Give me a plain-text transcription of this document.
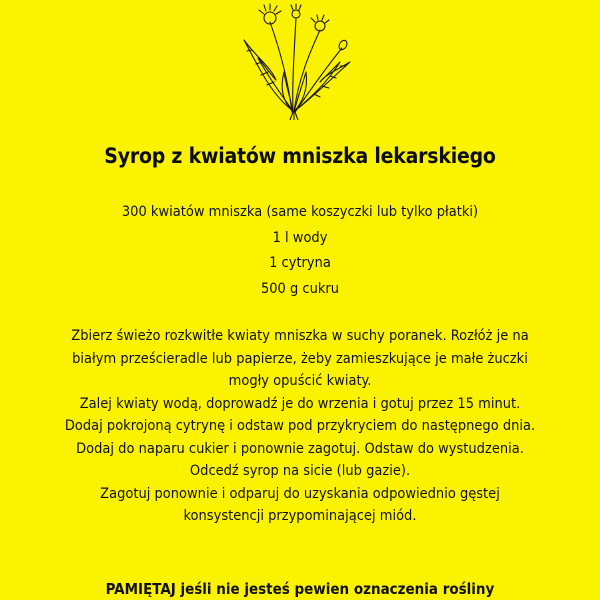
Syrop z kwiatów mniszka lekarskiego
300 kwiatów mniszka (same koszyczki lub tylko płatki)
1 l wody
1 cytryna
500 g cukru
Zbierz świeżo rozkwitłe kwiaty mniszka w suchy poranek. Rozłóż je na
białym prześcieradle lub papierze, żeby zamieszkujące je małe żuczki
mogły opuścić kwiaty.
Zalej kwiaty wodą, doprowadź je do wrzenia i gotuj przez 15 minut.
Dodaj pokrojoną cytrynę i odstaw pod przykryciem do następnego dnia.
Dodaj do naparu cukier i ponownie zagotuj. Odstaw do wystudzenia.
Odcedź syrop na sicie (lub gazie).
Zagotuj ponownie i odparuj do uzyskania odpowiednio gęstej
konsystencji przypominającej miód.
PAMIĘTAJ jeśli nie jesteś pewien oznaczenia rośliny
